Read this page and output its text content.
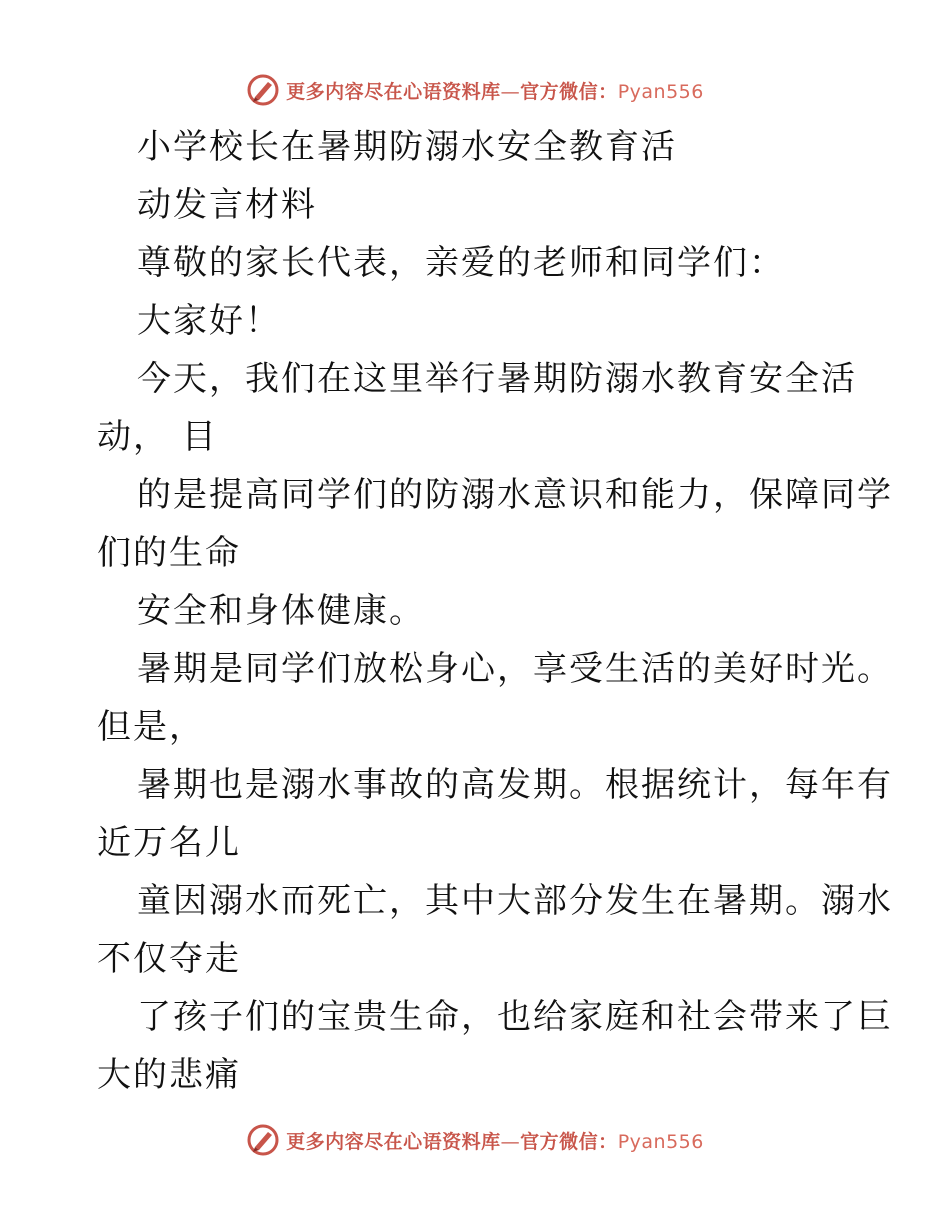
更多内容尽在心语资料库—官方微信：Pyan556
小学校长在暑期防溺水安全教育活
动发言材料
尊敬的家长代表，亲爱的老师和同学们：
大家好！
今天，我们在这里举行暑期防溺水教育安全活
动， 目
的是提高同学们的防溺水意识和能力，保障同学
们的生命
安全和身体健康。
暑期是同学们放松身心，享受生活的美好时光。
但是，
暑期也是溺水事故的高发期。根据统计，每年有
近万名儿
童因溺水而死亡，其中大部分发生在暑期。溺水
不仅夺走
了孩子们的宝贵生命，也给家庭和社会带来了巨
大的悲痛
更多内容尽在心语资料库—官方微信：Pyan556
